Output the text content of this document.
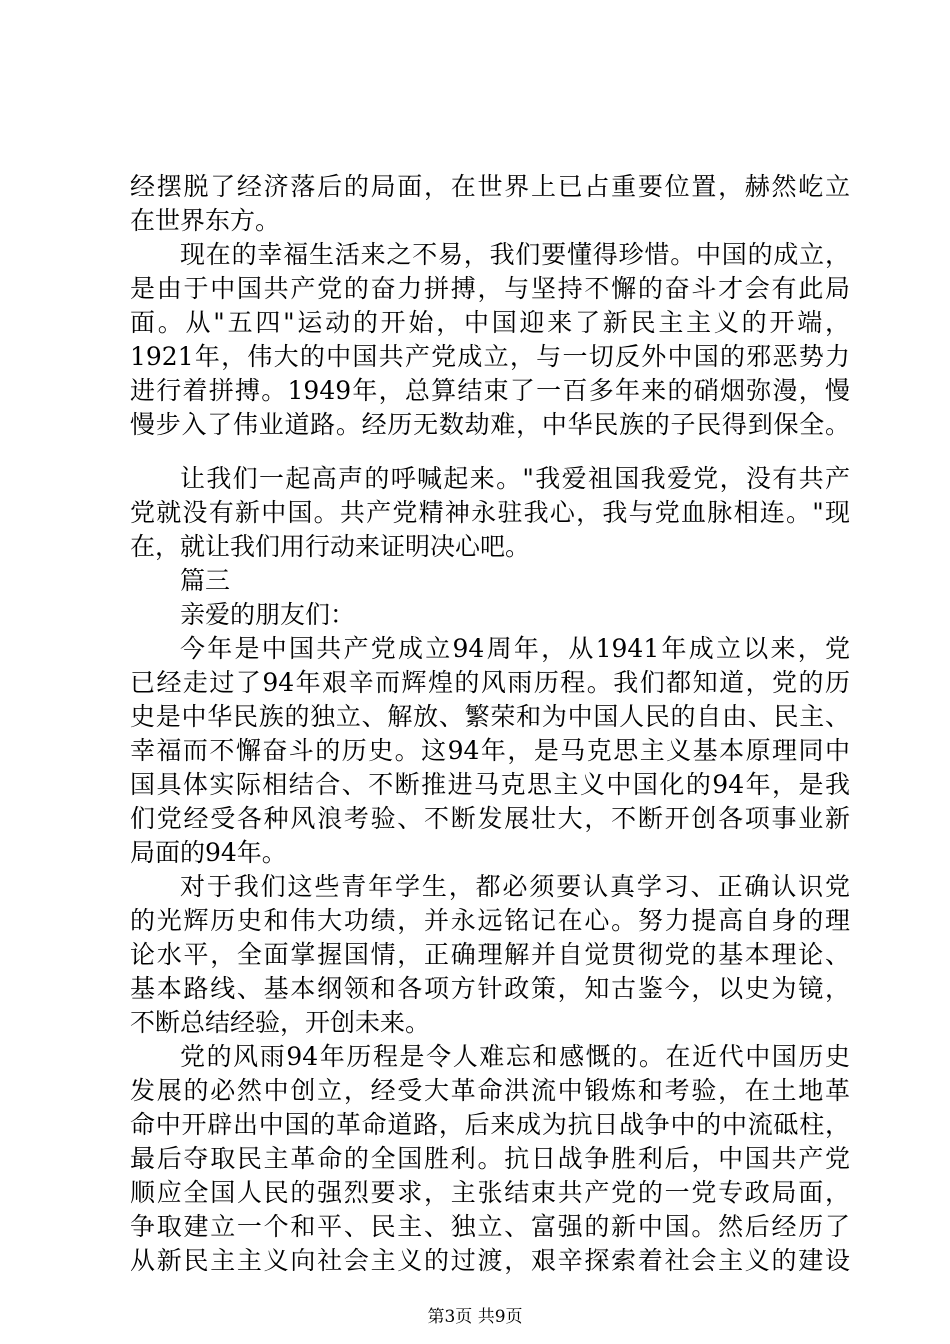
经摆脱了经济落后的局面，在世界上已占重要位置，赫然屹立
在世界东方。
现在的幸福生活来之不易，我们要懂得珍惜。中国的成立，
是由于中国共产党的奋力拼搏，与坚持不懈的奋斗才会有此局
面。从"五四"运动的开始，中国迎来了新民主主义的开端，
1921年，伟大的中国共产党成立，与一切反外中国的邪恶势力
进行着拼搏。1949年，总算结束了一百多年来的硝烟弥漫，慢
慢步入了伟业道路。经历无数劫难，中华民族的子民得到保全。
让我们一起高声的呼喊起来。"我爱祖国我爱党，没有共产
党就没有新中国。共产党精神永驻我心，我与党血脉相连。"现
在，就让我们用行动来证明决心吧。
篇三
亲爱的朋友们：
今年是中国共产党成立94周年，从1941年成立以来，党
已经走过了94年艰辛而辉煌的风雨历程。我们都知道，党的历
史是中华民族的独立、解放、繁荣和为中国人民的自由、民主、
幸福而不懈奋斗的历史。这94年，是马克思主义基本原理同中
国具体实际相结合、不断推进马克思主义中国化的94年，是我
们党经受各种风浪考验、不断发展壮大，不断开创各项事业新
局面的94年。
对于我们这些青年学生，都必须要认真学习、正确认识党
的光辉历史和伟大功绩，并永远铭记在心。努力提高自身的理
论水平，全面掌握国情，正确理解并自觉贯彻党的基本理论、
基本路线、基本纲领和各项方针政策，知古鉴今，以史为镜，
不断总结经验，开创未来。
党的风雨94年历程是令人难忘和感慨的。在近代中国历史
发展的必然中创立，经受大革命洪流中锻炼和考验，在土地革
命中开辟出中国的革命道路，后来成为抗日战争中的中流砥柱，
最后夺取民主革命的全国胜利。抗日战争胜利后，中国共产党
顺应全国人民的强烈要求，主张结束共产党的一党专政局面，
争取建立一个和平、民主、独立、富强的新中国。然后经历了
从新民主主义向社会主义的过渡，艰辛探索着社会主义的建设
第3页 共9页
